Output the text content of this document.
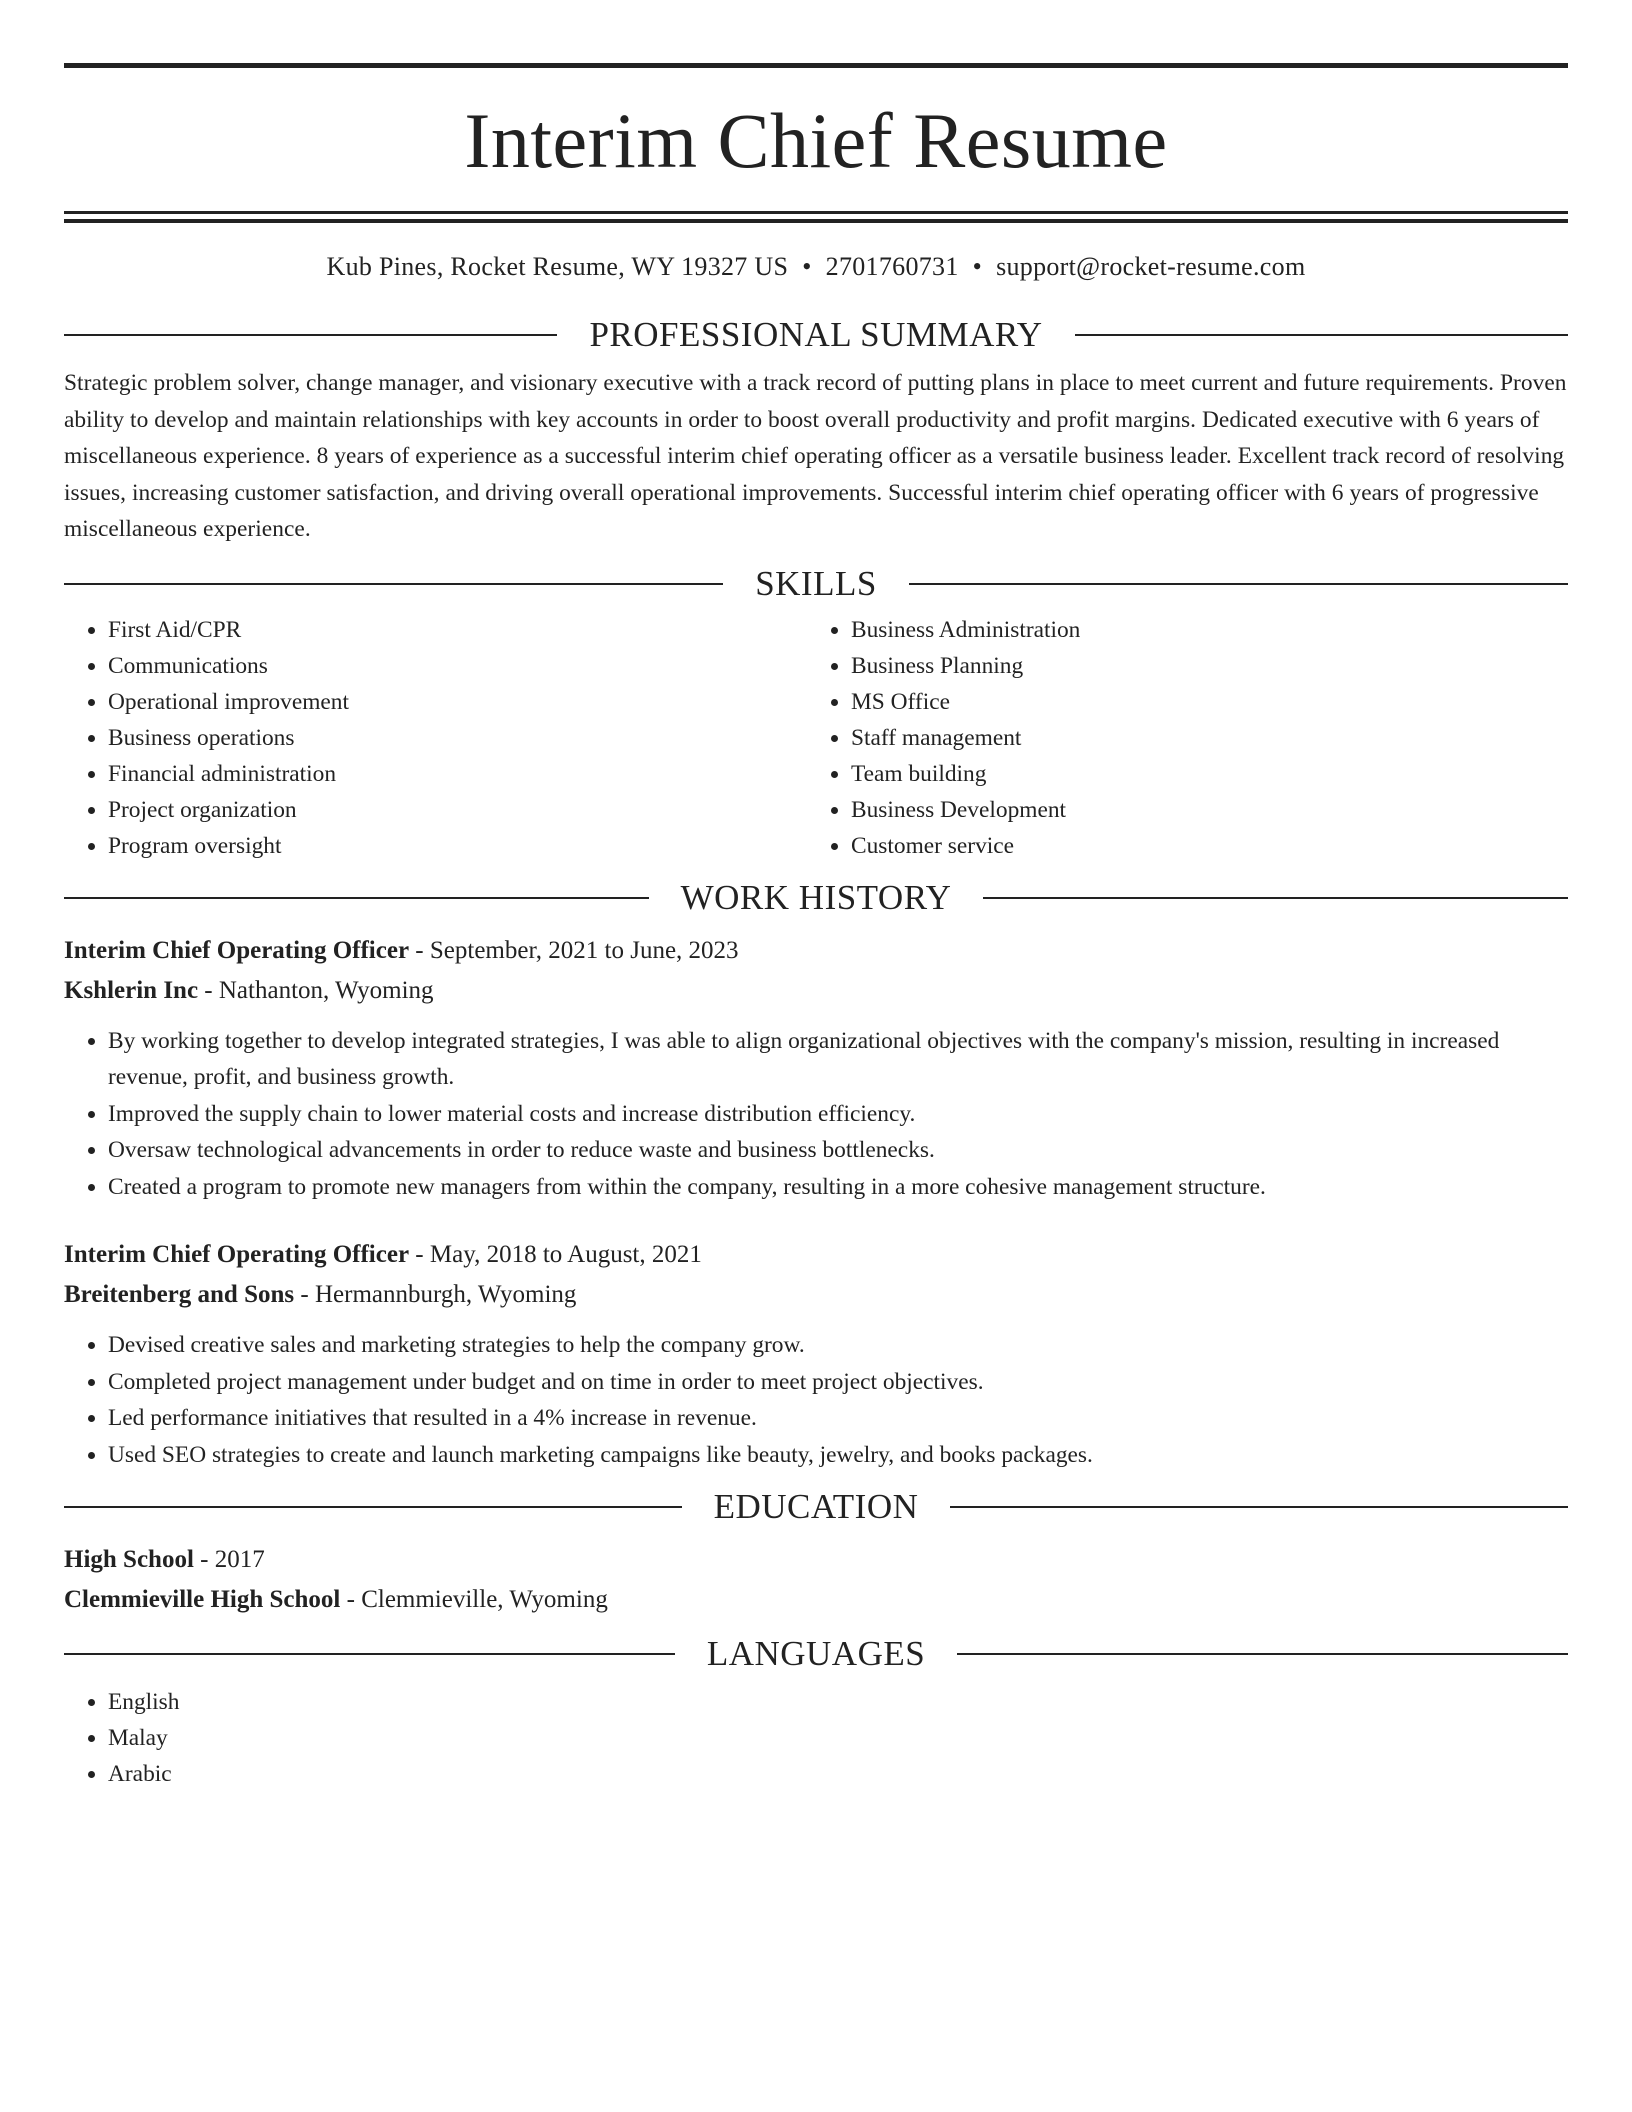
Interim Chief Resume
Kub Pines, Rocket Resume, WY 19327 US • 2701760731 • support@rocket-resume.com
PROFESSIONAL SUMMARY
Strategic problem solver, change manager, and visionary executive with a track record of putting plans in place to meet current and future requirements. Proven ability to develop and maintain relationships with key accounts in order to boost overall productivity and profit margins. Dedicated executive with 6 years of miscellaneous experience. 8 years of experience as a successful interim chief operating officer as a versatile business leader. Excellent track record of resolving issues, increasing customer satisfaction, and driving overall operational improvements. Successful interim chief operating officer with 6 years of progressive miscellaneous experience.
SKILLS
• First Aid/CPR
• Communications
• Operational improvement
• Business operations
• Financial administration
• Project organization
• Program oversight
• Business Administration
• Business Planning
• MS Office
• Staff management
• Team building
• Business Development
• Customer service
WORK HISTORY
Interim Chief Operating Officer - September, 2021 to June, 2023
Kshlerin Inc - Nathanton, Wyoming
• By working together to develop integrated strategies, I was able to align organizational objectives with the company's mission, resulting in increased revenue, profit, and business growth.
• Improved the supply chain to lower material costs and increase distribution efficiency.
• Oversaw technological advancements in order to reduce waste and business bottlenecks.
• Created a program to promote new managers from within the company, resulting in a more cohesive management structure.
Interim Chief Operating Officer - May, 2018 to August, 2021
Breitenberg and Sons - Hermannburgh, Wyoming
• Devised creative sales and marketing strategies to help the company grow.
• Completed project management under budget and on time in order to meet project objectives.
• Led performance initiatives that resulted in a 4% increase in revenue.
• Used SEO strategies to create and launch marketing campaigns like beauty, jewelry, and books packages.
EDUCATION
High School - 2017
Clemmieville High School - Clemmieville, Wyoming
LANGUAGES
• English
• Malay
• Arabic
